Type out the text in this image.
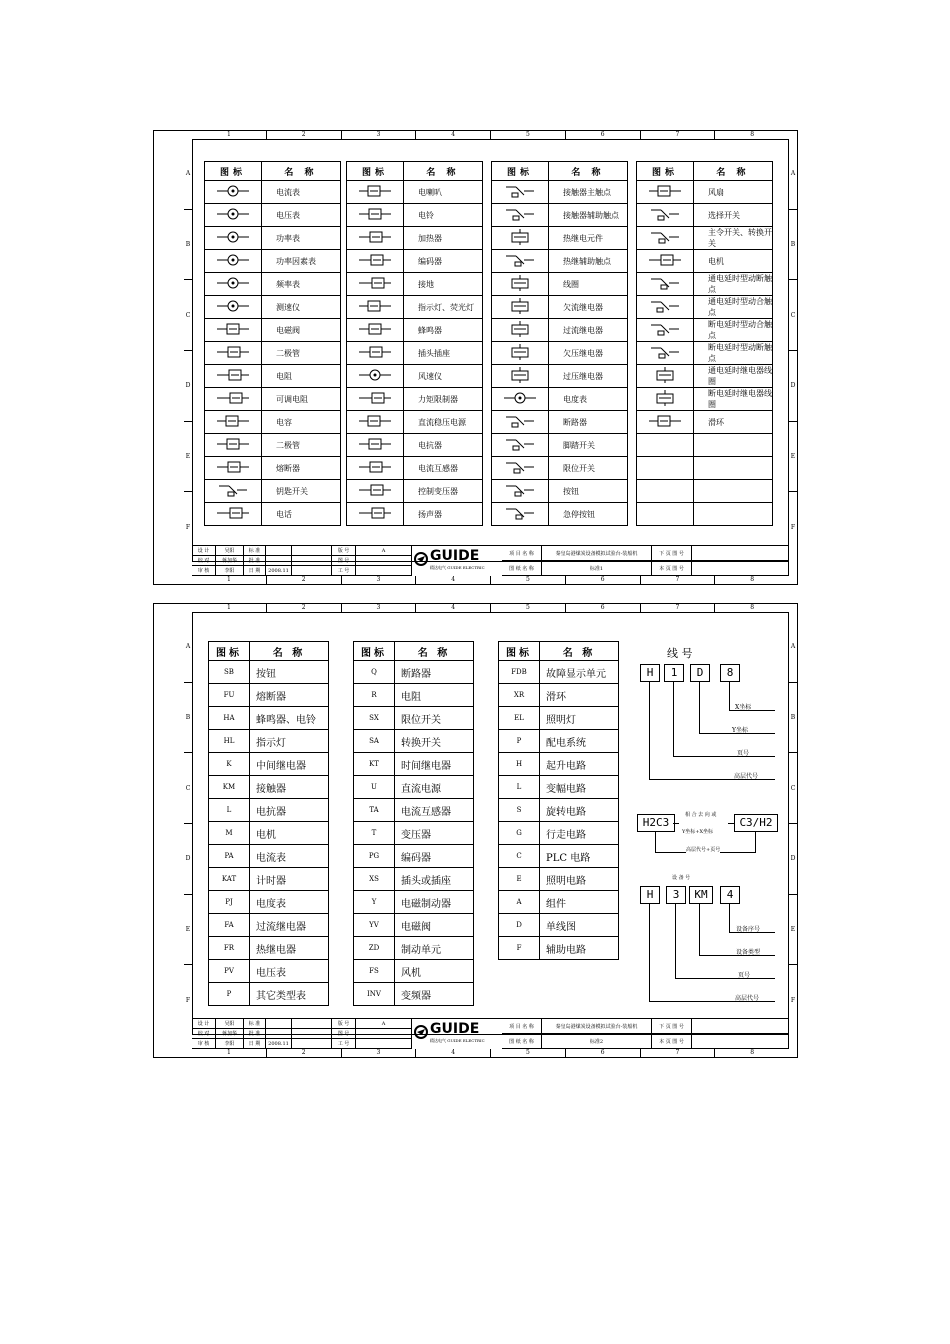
1	2	3	4	5	6	7	8
1	2	3	4	5	6	7	8
A
B
C
D
E
F
A
B
C
D
E
F
图标	名 称
	电流表
	电压表
	功率表
	功率因素表
	频率表
	测速仪
	电磁阀
	二极管
	电阻
	可调电阻
	电容
	二极管
	熔断器
	钥匙开关
	电话
图标	名 称
	电喇叭
	电铃
	加热器
	编码器
	接地
	指示灯、荧光灯
	蜂鸣器
	插头插座
	风速仪
	力矩限制器
	直流稳压电源
	电抗器
	电流互感器
	控制变压器
	扬声器
图标	名 称
	接触器主触点
	接触器辅助触点
	热继电元件
	热继辅助触点
	线圈
	欠流继电器
	过流继电器
	欠压继电器
	过压继电器
	电度表
	断路器
	脚踏开关
	限位开关
	按钮
	急停按钮
图标	名 称
	风扇
	选择开关
	主令开关、转换开关
	电机
	通电延时型动断触点
	通电延时型动合触点
	断电延时型动合触点
	断电延时型动断触点
	通电延时继电器线圈
	断电延时继电器线圈
	滑环

设 计	吴阳	标 准
校 对	蒋加华	批 准
审 核	李阳	日 期	2008.11
版 号	A
图 号
工 号
GUIDE
精达电气 GUIDE ELECTRIC
项 目 名 称	秦皇岛港煤炭设备模拟试验台-装船机
图 纸 名 称	标准1
下 页 图 号
本 页 图 号
1	2	3	4	5	6	7	8
1	2	3	4	5	6	7	8
A
B
C
D
E
F
A
B
C
D
E
F
图标	名 称
SB	按钮
FU	熔断器
HA	蜂鸣器、电铃
HL	指示灯
K	中间继电器
KM	接触器
L	电抗器
M	电机
PA	电流表
KAT	计时器
PJ	电度表
FA	过流继电器
FR	热继电器
PV	电压表
P	其它类型表
图标	名 称
Q	断路器
R	电阻
SX	限位开关
SA	转换开关
KT	时间继电器
U	直流电源
TA	电流互感器
T	变压器
PG	编码器
XS	插头或插座
Y	电磁制动器
YV	电磁阀
ZD	制动单元
FS	风机
INV	变频器
图标	名 称
FDB	故障显示单元
XR	滑环
EL	照明灯
P	配电系统
H	起升电路
L	变幅电路
S	旋转电路
G	行走电路
C	PLC 电路
E	照明电路
A	组件
D	单线图
F	辅助电路
线 号
H	1	D	8
X坐标
Y坐标
页号
高层代号
H2C3	C3/H2
相 合 去 向 或
Y坐标+X坐标
高层代号+页号
设 备 号
H	3	KM	4
设备序号
设备类型
页号
高层代号
设 计	吴阳	标 准
校 对	蒋加华	批 准
审 核	李阳	日 期	2008.11
版 号	A
图 号
工 号
GUIDE
精达电气 GUIDE ELECTRIC
项 目 名 称	秦皇岛港煤炭设备模拟试验台-装船机
图 纸 名 称	标准2
下 页 图 号
本 页 图 号
